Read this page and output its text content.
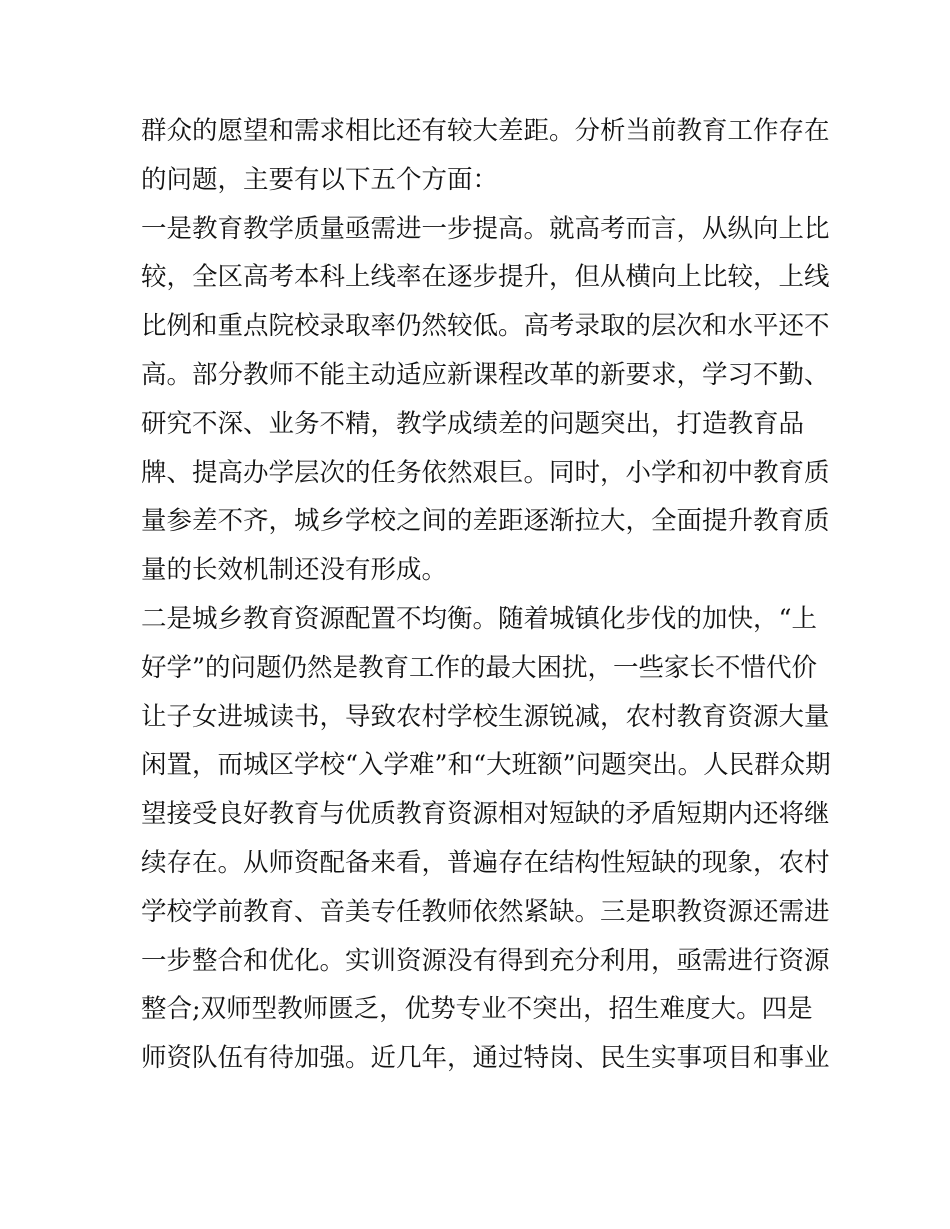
群众的愿望和需求相比还有较大差距。分析当前教育工作存在
的问题，主要有以下五个方面：
一是教育教学质量亟需进一步提高。就高考而言，从纵向上比
较，全区高考本科上线率在逐步提升，但从横向上比较，上线
比例和重点院校录取率仍然较低。高考录取的层次和水平还不
高。部分教师不能主动适应新课程改革的新要求，学习不勤、
研究不深、业务不精，教学成绩差的问题突出，打造教育品
牌、提高办学层次的任务依然艰巨。同时，小学和初中教育质
量参差不齐，城乡学校之间的差距逐渐拉大，全面提升教育质
量的长效机制还没有形成。
二是城乡教育资源配置不均衡。随着城镇化步伐的加快，“上
好学”的问题仍然是教育工作的最大困扰，一些家长不惜代价
让子女进城读书，导致农村学校生源锐减，农村教育资源大量
闲置，而城区学校“入学难”和“大班额”问题突出。人民群众期
望接受良好教育与优质教育资源相对短缺的矛盾短期内还将继
续存在。从师资配备来看，普遍存在结构性短缺的现象，农村
学校学前教育、音美专任教师依然紧缺。三是职教资源还需进
一步整合和优化。实训资源没有得到充分利用，亟需进行资源
整合;双师型教师匮乏，优势专业不突出，招生难度大。四是
师资队伍有待加强。近几年，通过特岗、民生实事项目和事业
